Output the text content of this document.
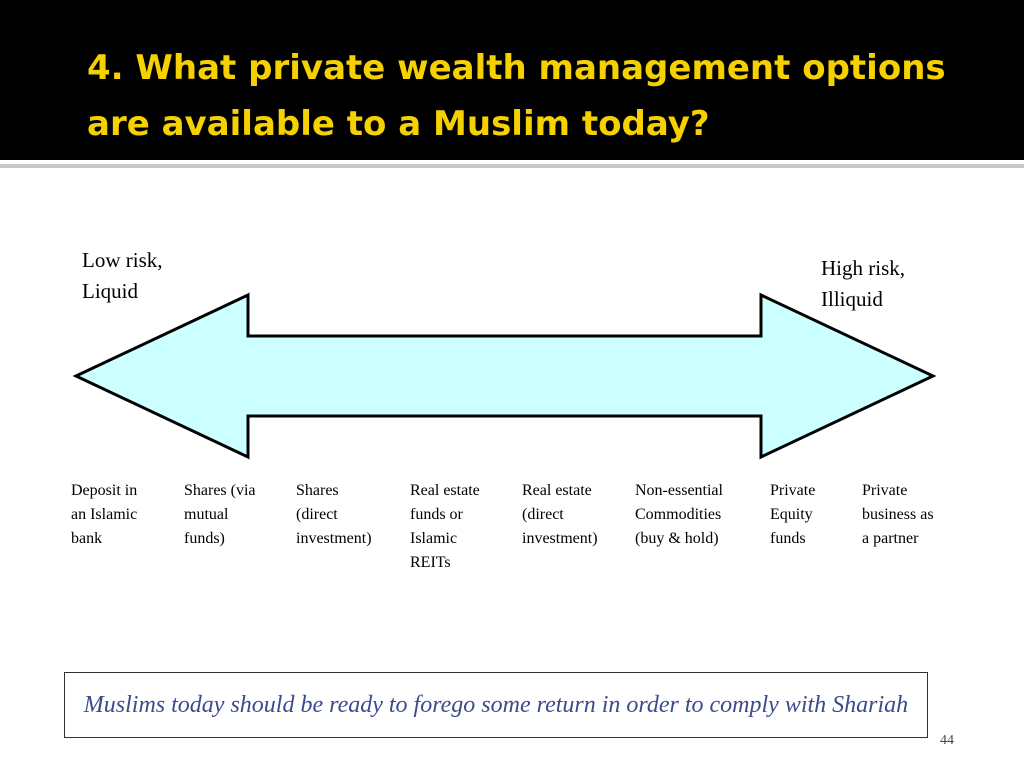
4. What private wealth management options are available to a Muslim today?
Low risk,
Liquid
High risk,
Illiquid
Deposit in
an Islamic
bank
Shares (via
mutual
funds)
Shares
(direct
investment)
Real estate
funds or
Islamic
REITs
Real estate
(direct
investment)
Non-essential
Commodities
(buy & hold)
Private
Equity
funds
Private
business as
a partner
Muslims today should be ready to forego some return in order to comply with Shariah
44
